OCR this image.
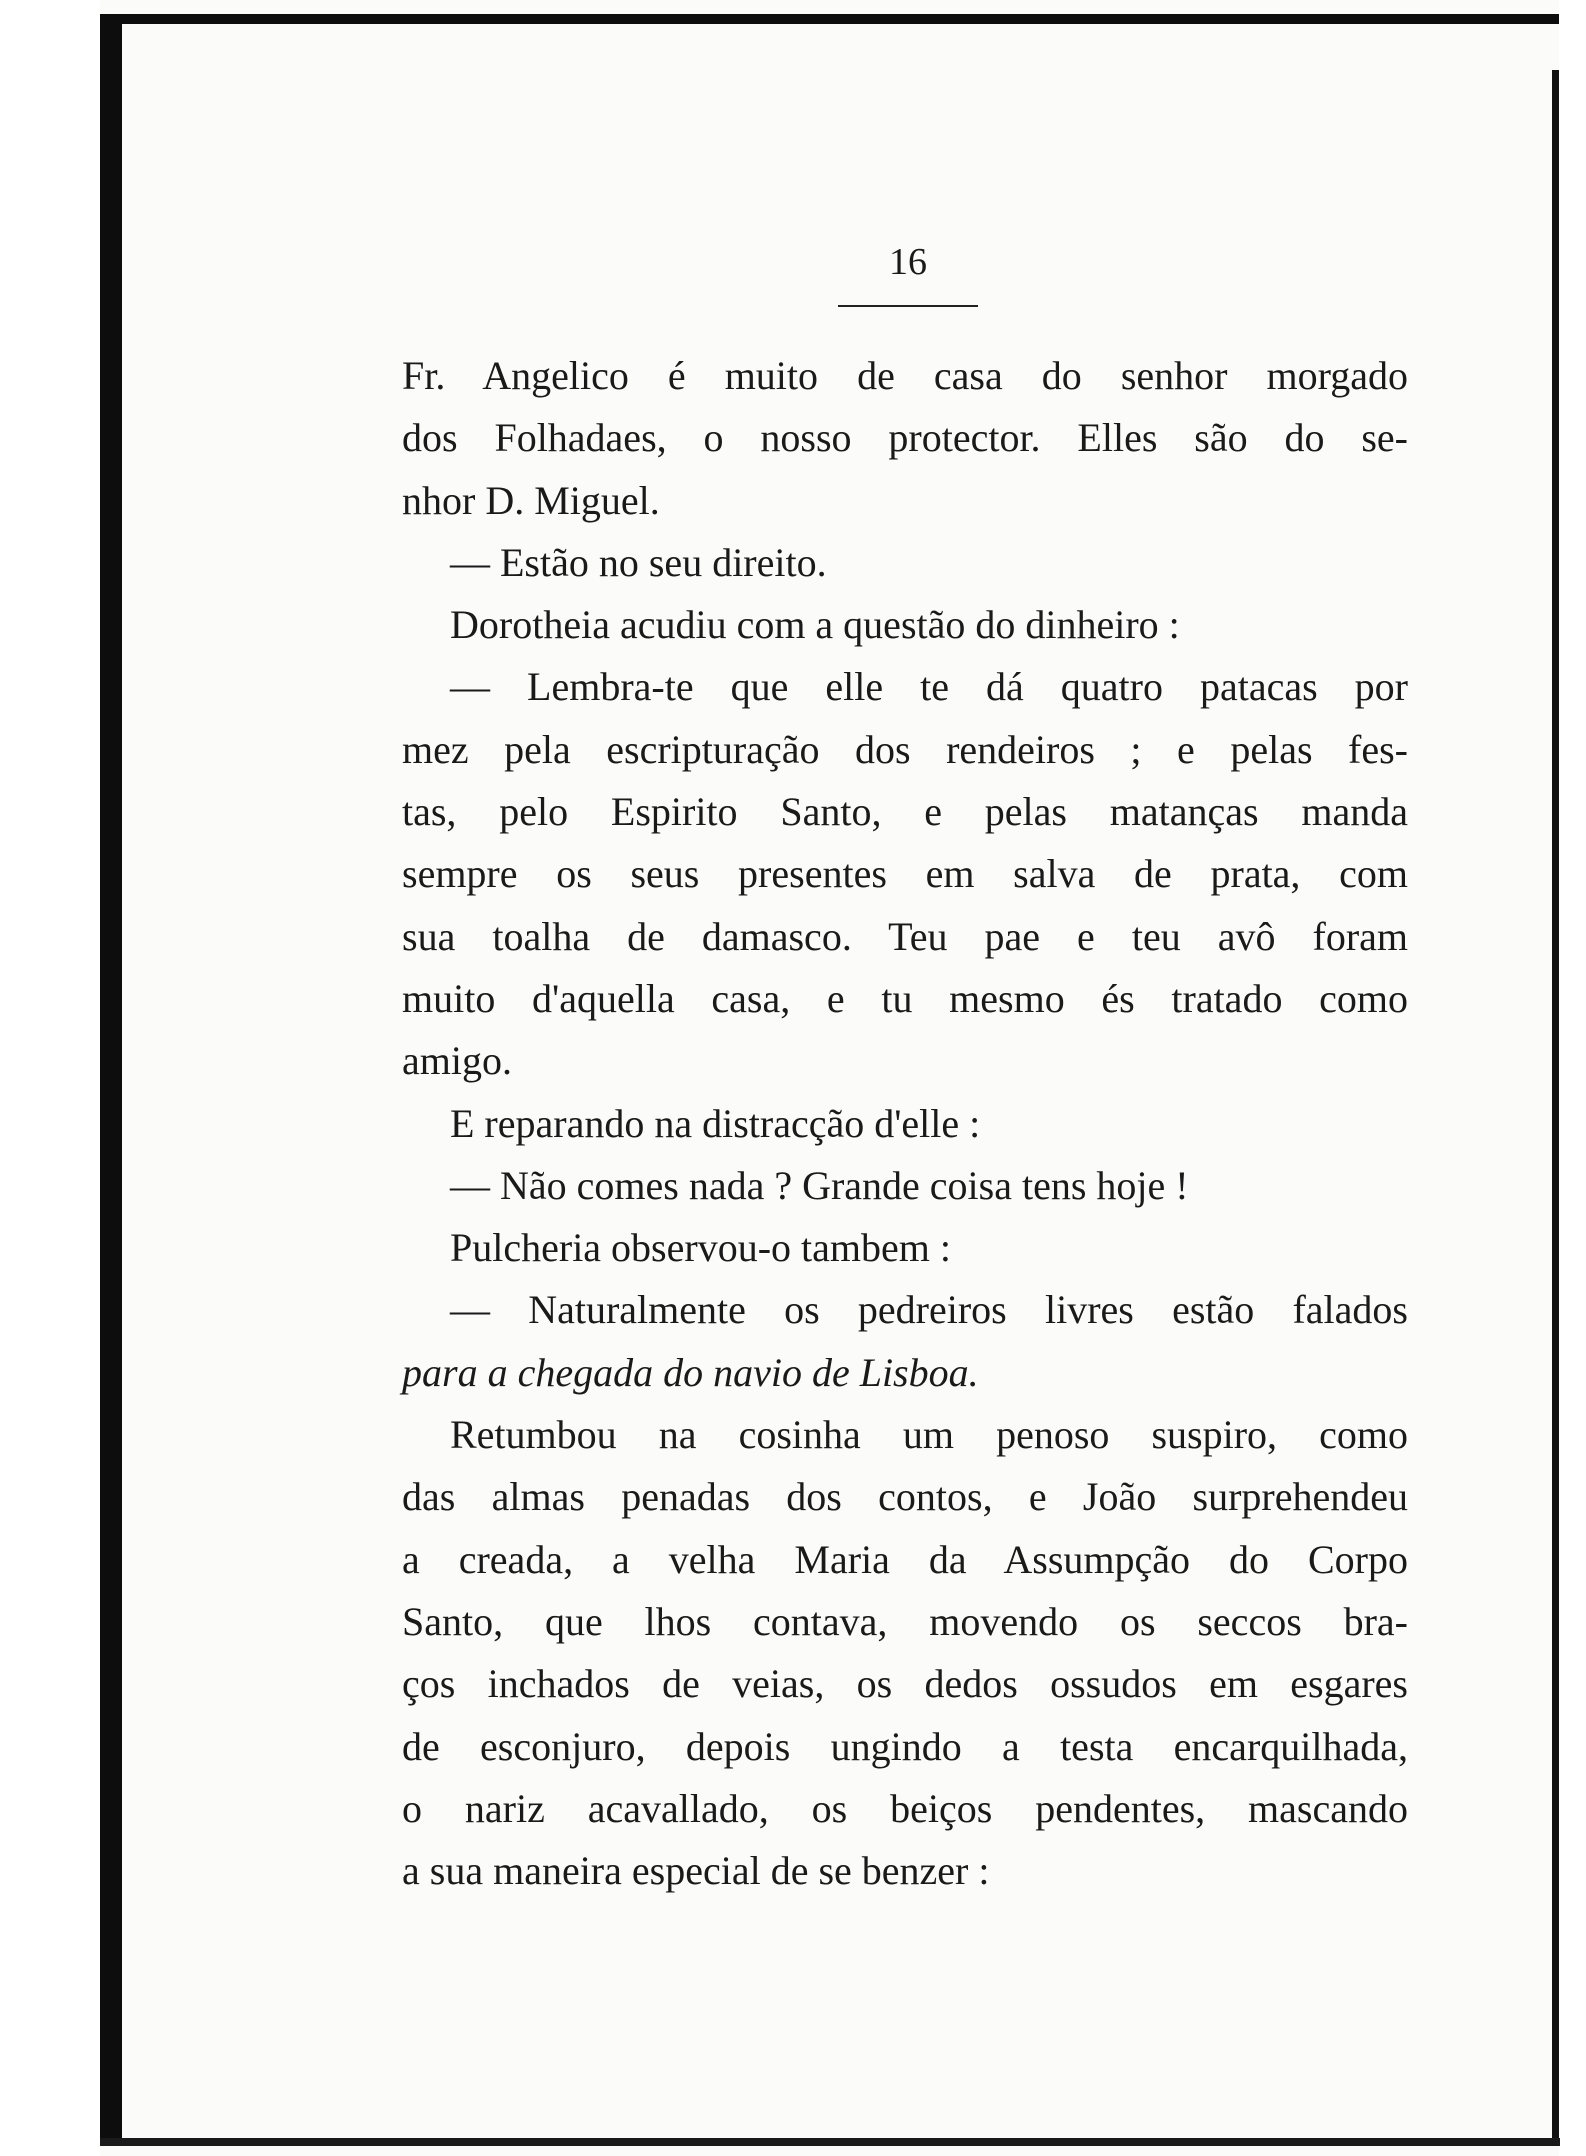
16
Fr. Angelico é muito de casa do senhor morgado
dos Folhadaes, o nosso protector. Elles são do se-
nhor D. Miguel.
— Estão no seu direito.
Dorotheia acudiu com a questão do dinheiro :
— Lembra-te que elle te dá quatro patacas por
mez pela escripturação dos rendeiros ; e pelas fes-
tas, pelo Espirito Santo, e pelas matanças manda
sempre os seus presentes em salva de prata, com
sua toalha de damasco. Teu pae e teu avô foram
muito d'aquella casa, e tu mesmo és tratado como
amigo.
E reparando na distracção d'elle :
— Não comes nada ? Grande coisa tens hoje !
Pulcheria observou-o tambem :
— Naturalmente os pedreiros livres estão falados
para a chegada do navio de Lisboa.
Retumbou na cosinha um penoso suspiro, como
das almas penadas dos contos, e João surprehendeu
a creada, a velha Maria da Assumpção do Corpo
Santo, que lhos contava, movendo os seccos bra-
ços inchados de veias, os dedos ossudos em esgares
de esconjuro, depois ungindo a testa encarquilhada,
o nariz acavallado, os beiços pendentes, mascando
a sua maneira especial de se benzer :
